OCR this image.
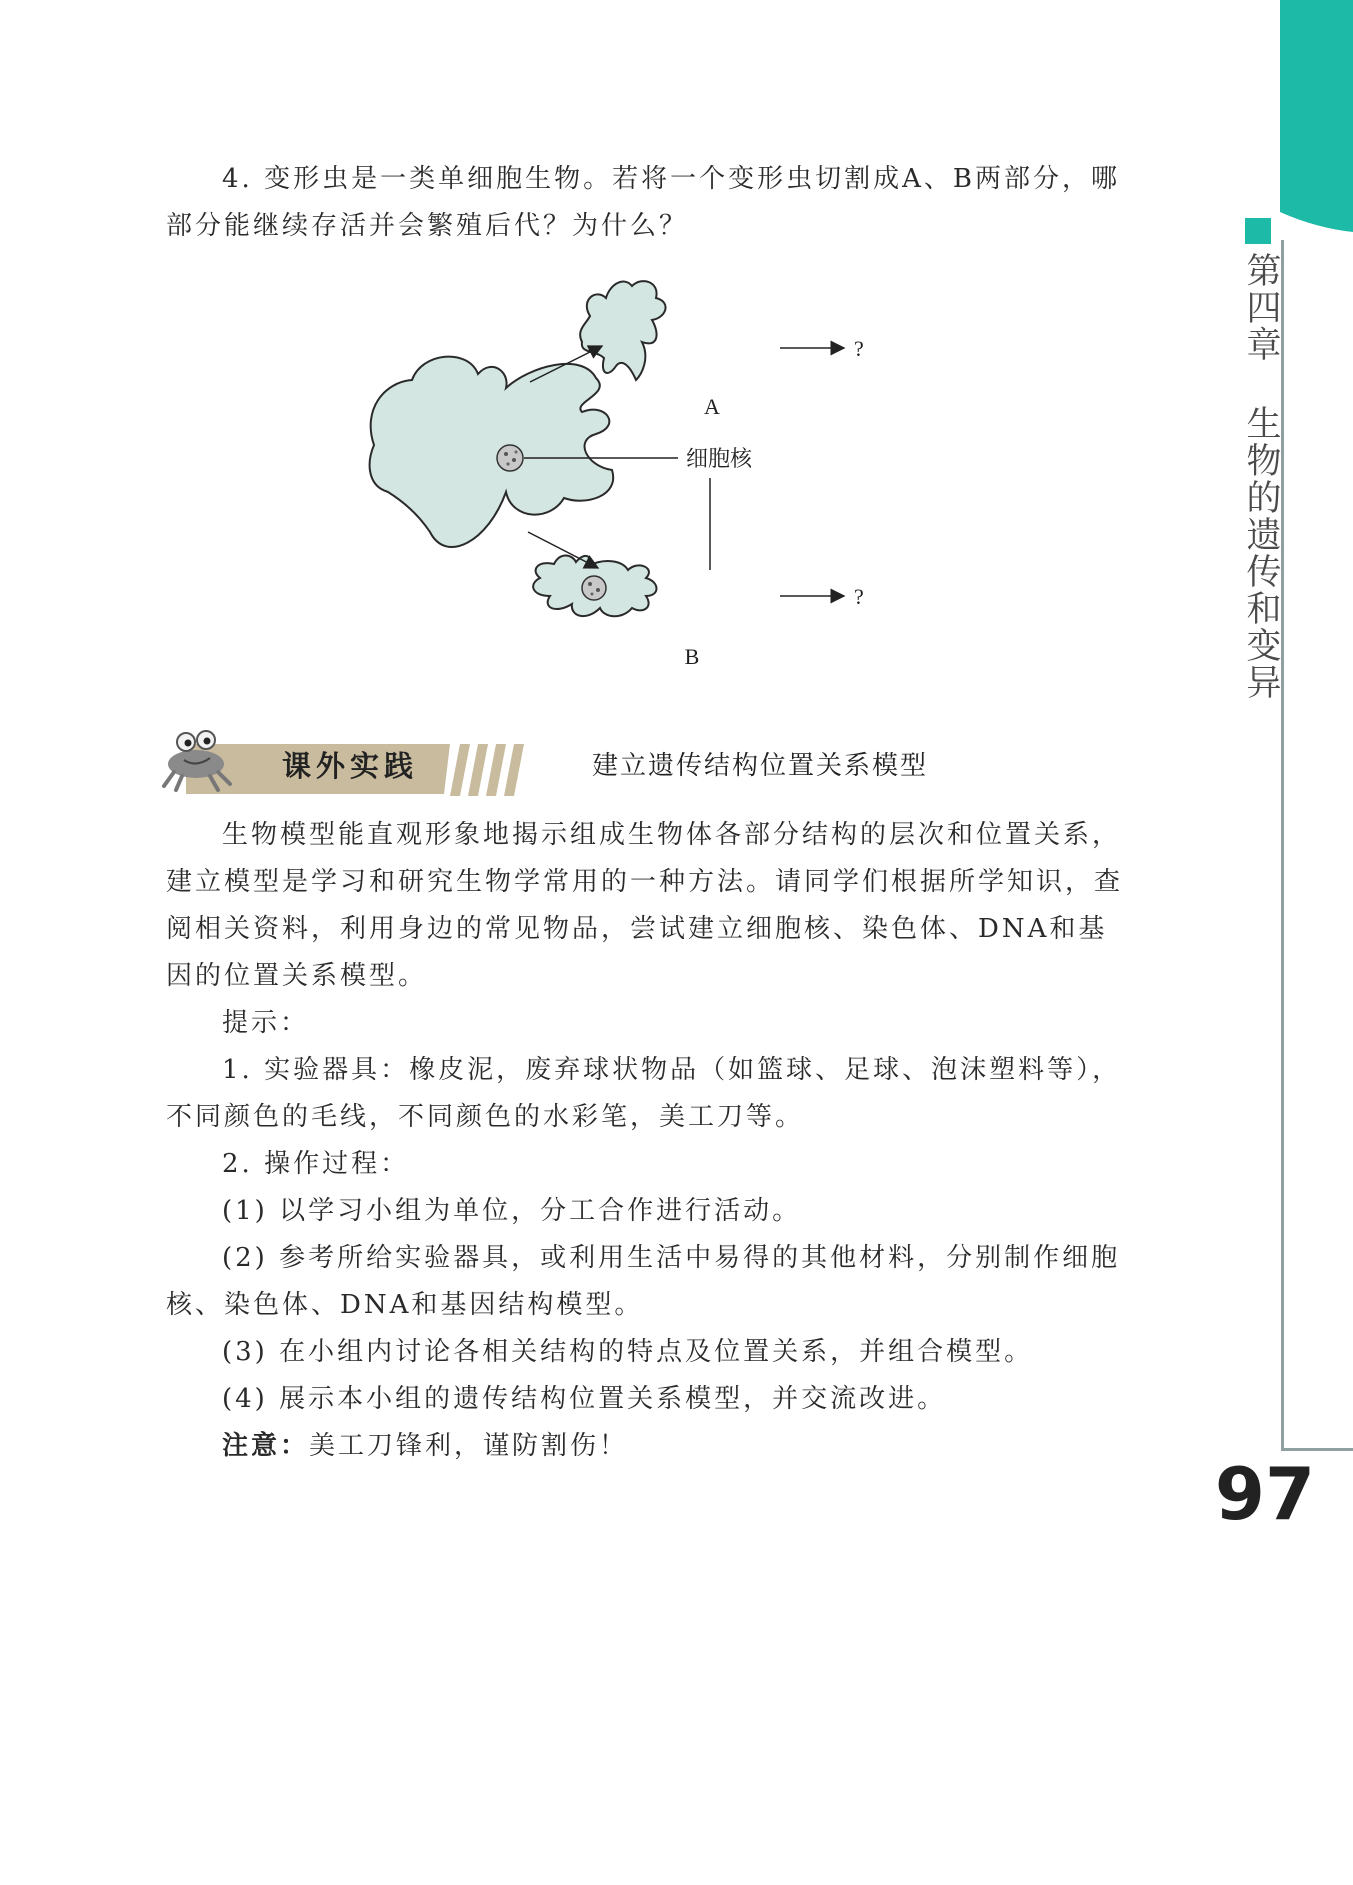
第四章 生物的遗传和变异
97
4. 变形虫是一类单细胞生物。若将一个变形虫切割成A、B两部分，哪
部分能继续存活并会繁殖后代？为什么？
A
B
细胞核
?
?
课外实践	建立遗传结构位置关系模型
生物模型能直观形象地揭示组成生物体各部分结构的层次和位置关系，建立模型是学习和研究生物学常用的一种方法。请同学们根据所学知识，查阅相关资料，利用身边的常见物品，尝试建立细胞核、染色体、DNA和基因的位置关系模型。
提示：
1. 实验器具：橡皮泥，废弃球状物品（如篮球、足球、泡沫塑料等），不同颜色的毛线，不同颜色的水彩笔，美工刀等。
2. 操作过程：
(1) 以学习小组为单位，分工合作进行活动。
(2) 参考所给实验器具，或利用生活中易得的其他材料，分别制作细胞核、染色体、DNA和基因结构模型。
(3) 在小组内讨论各相关结构的特点及位置关系，并组合模型。
(4) 展示本小组的遗传结构位置关系模型，并交流改进。
注意：美工刀锋利，谨防割伤！
